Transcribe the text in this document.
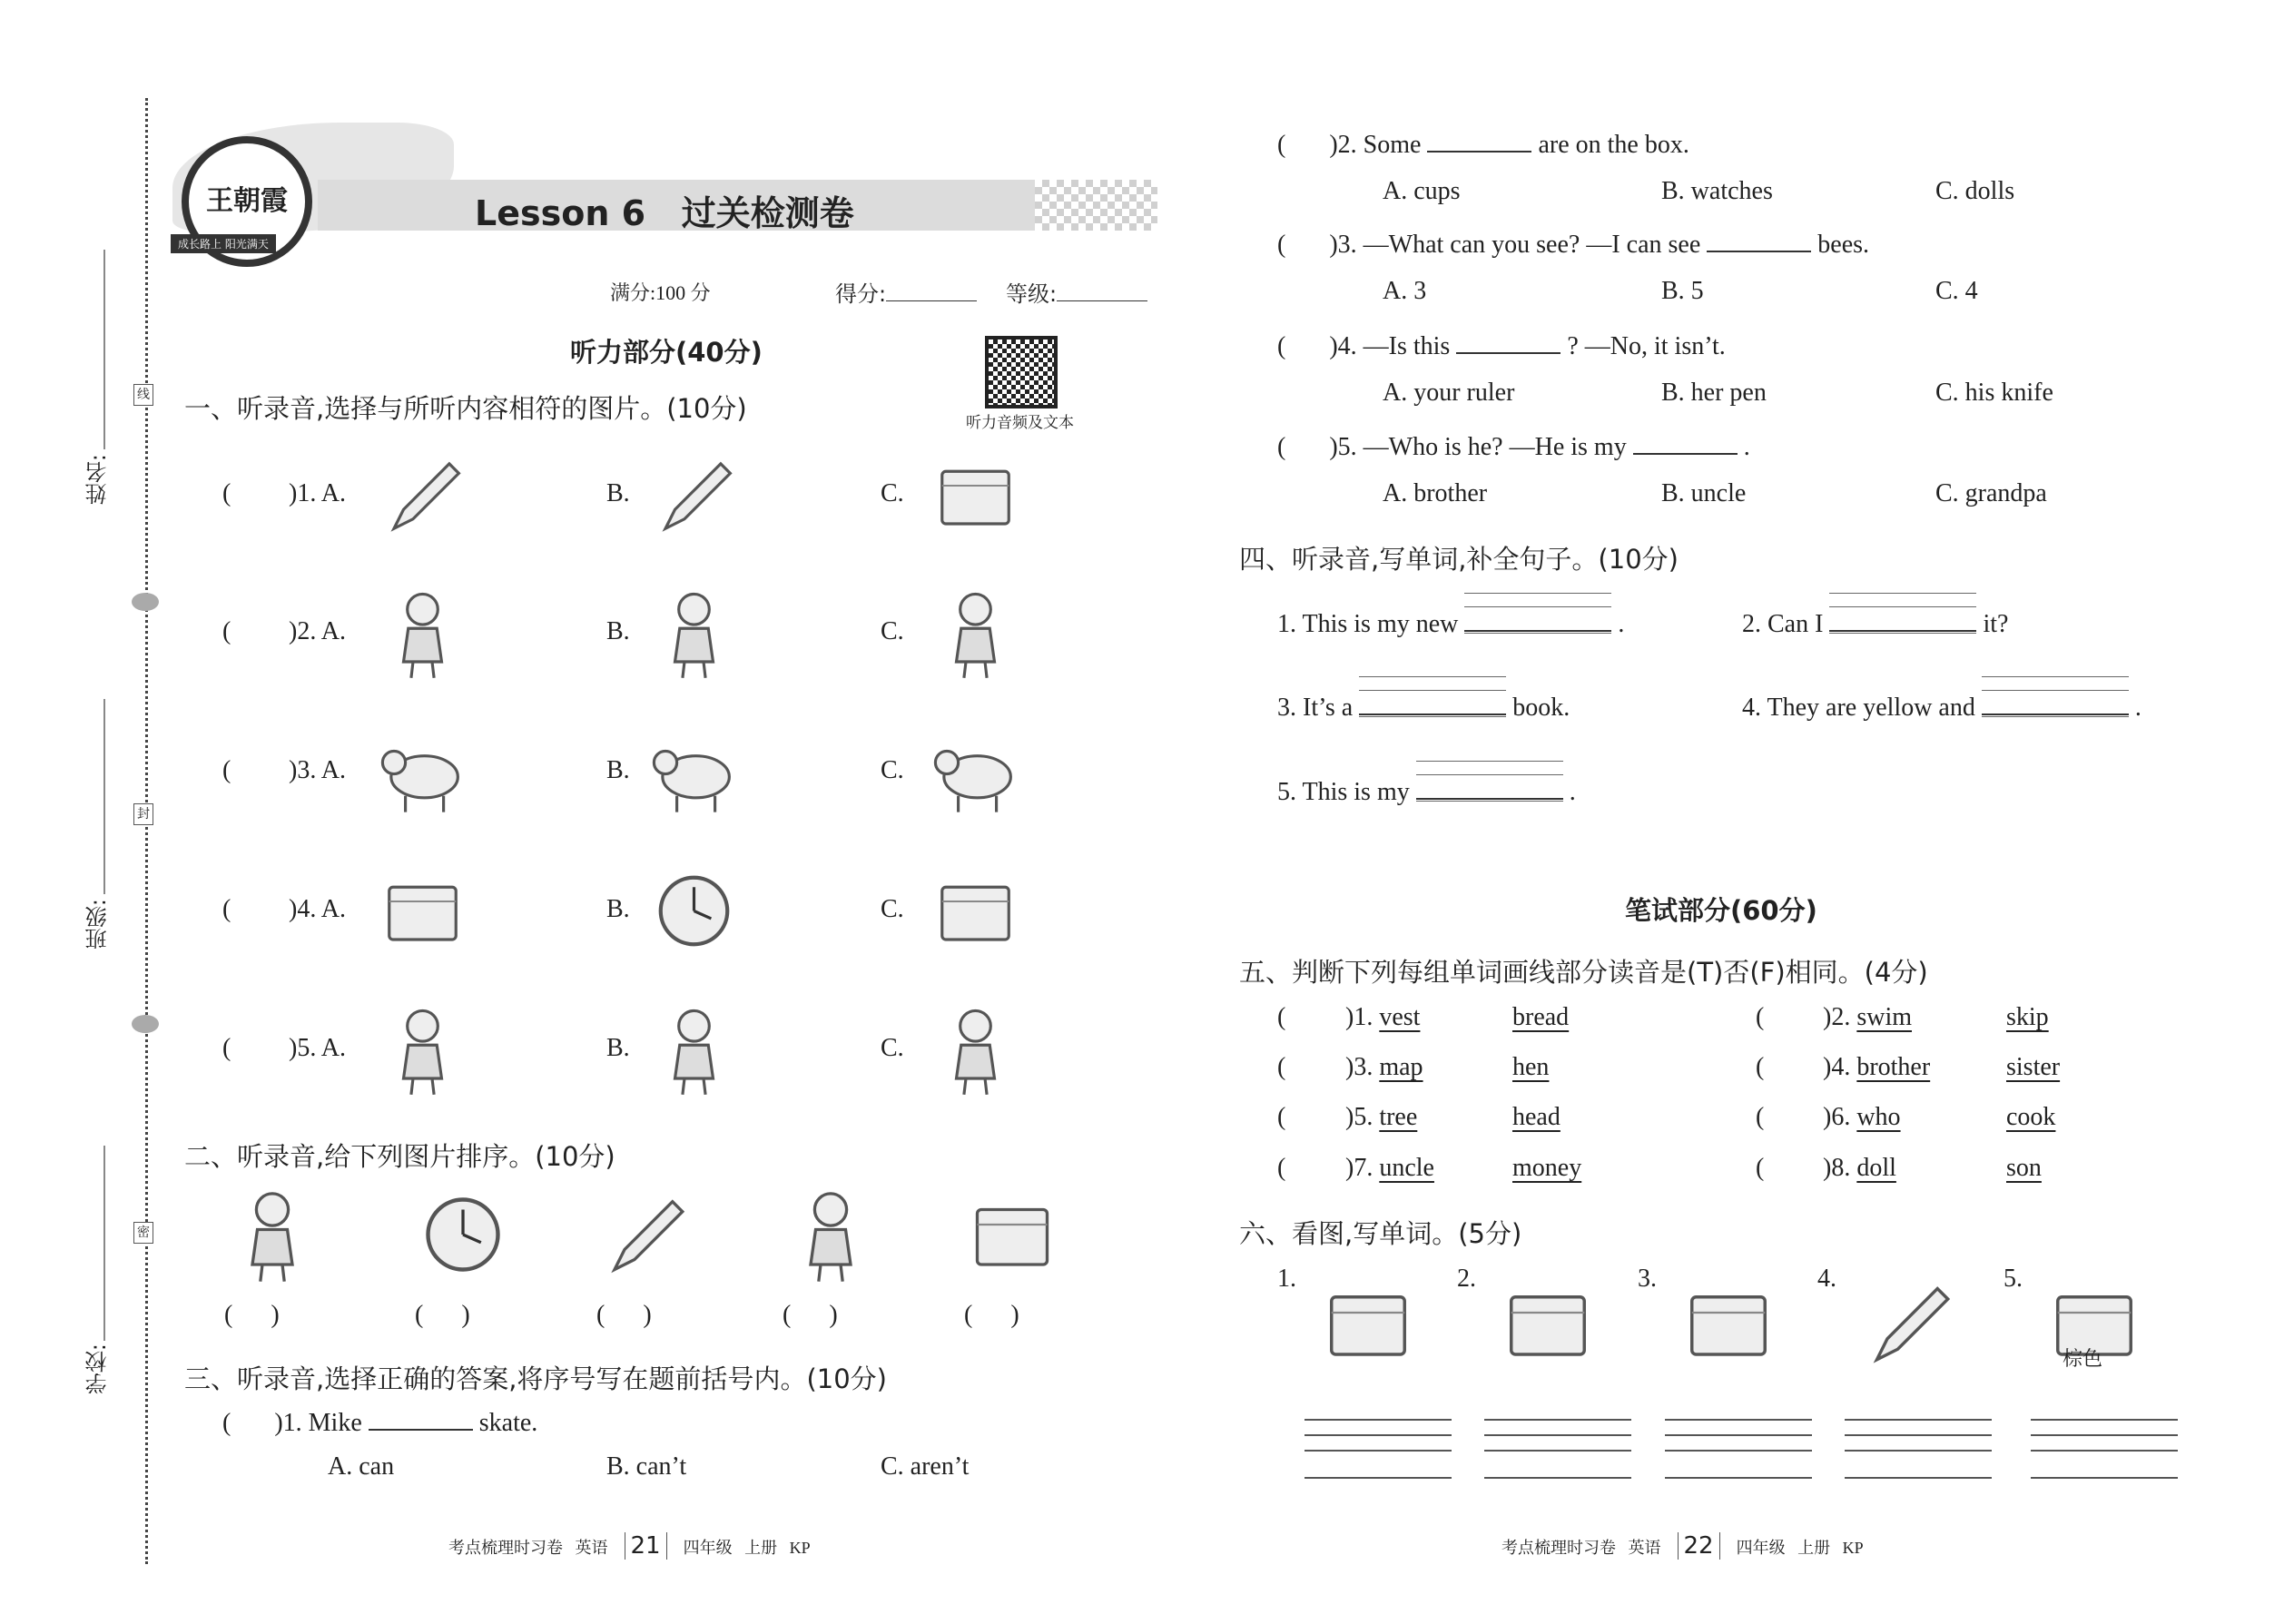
线
封
密
姓名:
班级:
学校:
王朝霞
成长路上 阳光满天
Lesson 6   过关检测卷
满分:100 分	得分:	等级:
听力部分(40分)
听力音频及文本
一、听录音,选择与所听内容相符的图片。(10分)
二、听录音,给下列图片排序。(10分)
三、听录音,选择正确的答案,将序号写在题前括号内。(10分)
( )1. Mike	skate.
A. can	B. can’t	C. aren’t
四、听录音,写单词,补全句子。(10分)
笔试部分(60分)
五、判断下列每组单词画线部分读音是(T)否(F)相同。(4分)
六、看图,写单词。(5分)
考点梳理时习卷 英语 21 四年级 上册 KP	考点梳理时习卷 英语 22 四年级 上册 KP
( )1. A.	B.	C.
( )2. A.	B.	C.
( )3. A.	B.	C.
( )4. A.	B.	C.
( )5. A.	B.	C.
(      )	(      )	(      )	(      )	(      )
( )2. Some	are on the box.
A. cups	B. watches	C. dolls
( )3. —What can you see? —I can see	bees.
A. 3	B. 5	C. 4
( )4. —Is this	? —No, it isn’t.
A. your ruler	B. her pen	C. his knife
( )5. —Who is he? —He is my	.
A. brother	B. uncle	C. grandpa
1. This is my new	.	2. Can I	it?
3. It’s a	book.	4. They are yellow and	.
5. This is my	.
( )1. vest	bread	( )2. swim	skip
( )3. map	hen	( )4. brother	sister
( )5. tree	head	( )6. who	cook
( )7. uncle	money	( )8. doll	son
1.	2.	3.	4.	5.
棕色
